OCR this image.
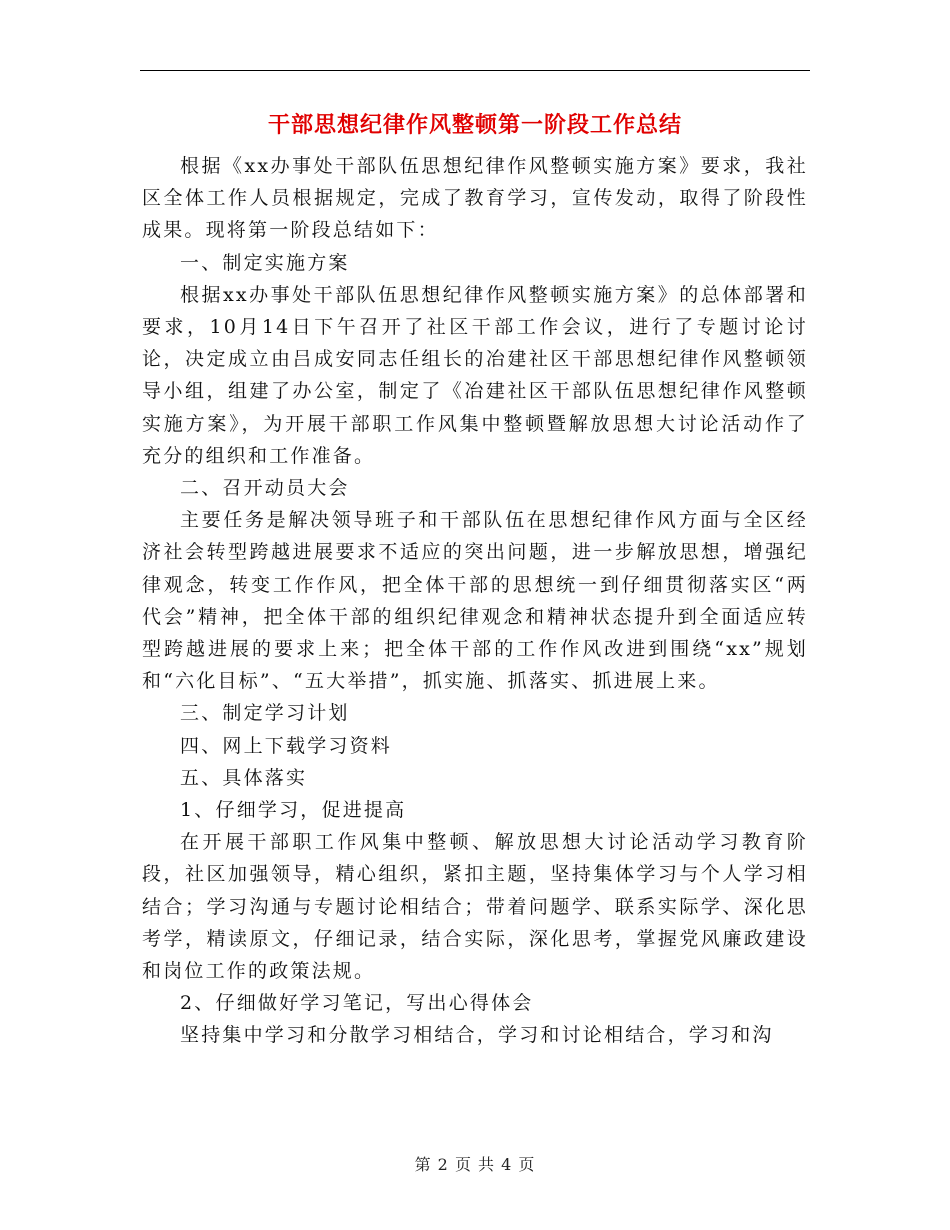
干部思想纪律作风整顿第一阶段工作总结

根据《xx办事处干部队伍思想纪律作风整顿实施方案》要求，我社区全体工作人员根据规定，完成了教育学习，宣传发动，取得了阶段性成果。现将第一阶段总结如下：

一、制定实施方案

根据xx办事处干部队伍思想纪律作风整顿实施方案》的总体部署和要求，10月14日下午召开了社区干部工作会议，进行了专题讨论讨论，决定成立由吕成安同志任组长的冶建社区干部思想纪律作风整顿领导小组，组建了办公室，制定了《冶建社区干部队伍思想纪律作风整顿实施方案》，为开展干部职工作风集中整顿暨解放思想大讨论活动作了充分的组织和工作准备。

二、召开动员大会

主要任务是解决领导班子和干部队伍在思想纪律作风方面与全区经济社会转型跨越进展要求不适应的突出问题，进一步解放思想，增强纪律观念，转变工作作风，把全体干部的思想统一到仔细贯彻落实区“两代会”精神，把全体干部的组织纪律观念和精神状态提升到全面适应转型跨越进展的要求上来；把全体干部的工作作风改进到围绕“xx”规划和“六化目标”、“五大举措”，抓实施、抓落实、抓进展上来。

三、制定学习计划

四、网上下载学习资料

五、具体落实

1、仔细学习，促进提高

在开展干部职工作风集中整顿、解放思想大讨论活动学习教育阶段，社区加强领导，精心组织，紧扣主题，坚持集体学习与个人学习相结合；学习沟通与专题讨论相结合；带着问题学、联系实际学、深化思考学，精读原文，仔细记录，结合实际，深化思考，掌握党风廉政建设和岗位工作的政策法规。

2、仔细做好学习笔记，写出心得体会

坚持集中学习和分散学习相结合，学习和讨论相结合，学习和沟

第 2 页 共 4 页
